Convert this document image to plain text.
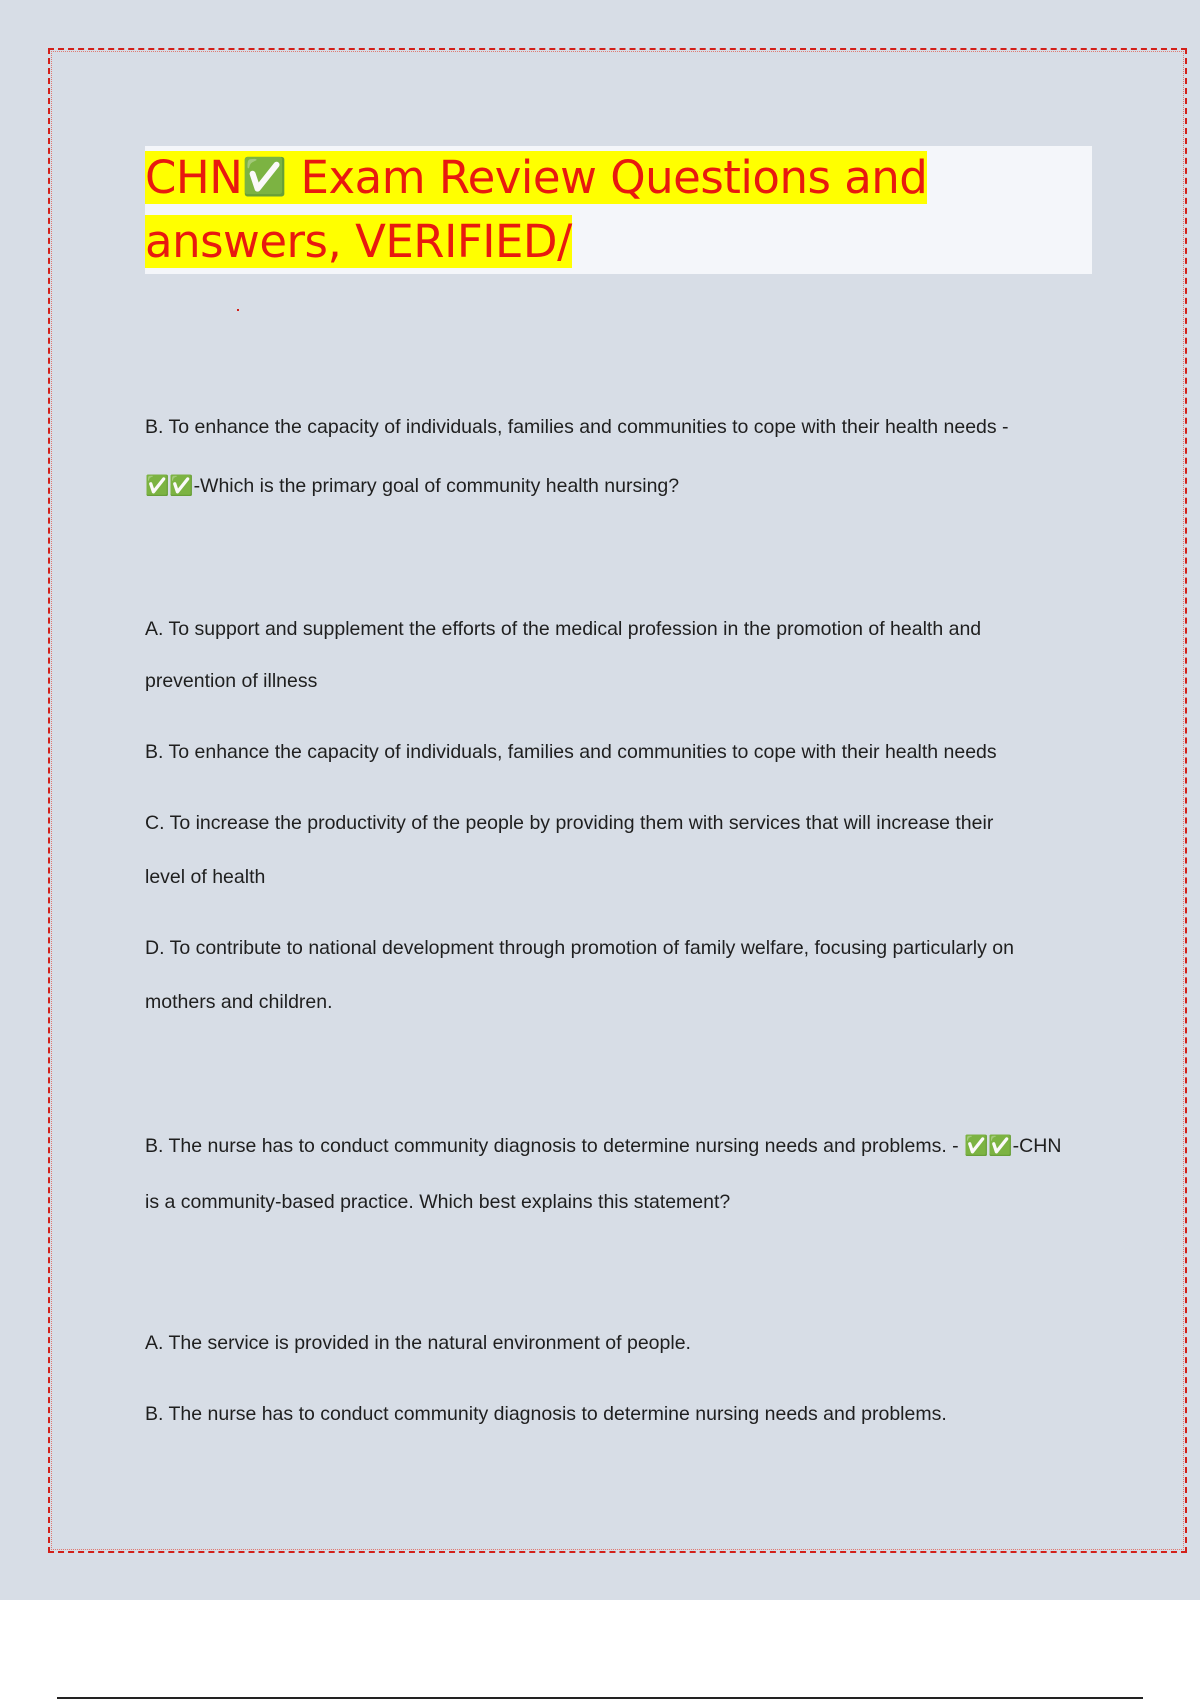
CHN✅ Exam Review Questions and
answers, VERIFIED/

B. To enhance the capacity of individuals, families and communities to cope with their health needs -

✅✅-Which is the primary goal of community health nursing?

A. To support and supplement the efforts of the medical profession in the promotion of health and

prevention of illness

B. To enhance the capacity of individuals, families and communities to cope with their health needs

C. To increase the productivity of the people by providing them with services that will increase their

level of health

D. To contribute to national development through promotion of family welfare, focusing particularly on

mothers and children.

B. The nurse has to conduct community diagnosis to determine nursing needs and problems. - ✅✅-CHN

is a community-based practice. Which best explains this statement?

A. The service is provided in the natural environment of people.

B. The nurse has to conduct community diagnosis to determine nursing needs and problems.
